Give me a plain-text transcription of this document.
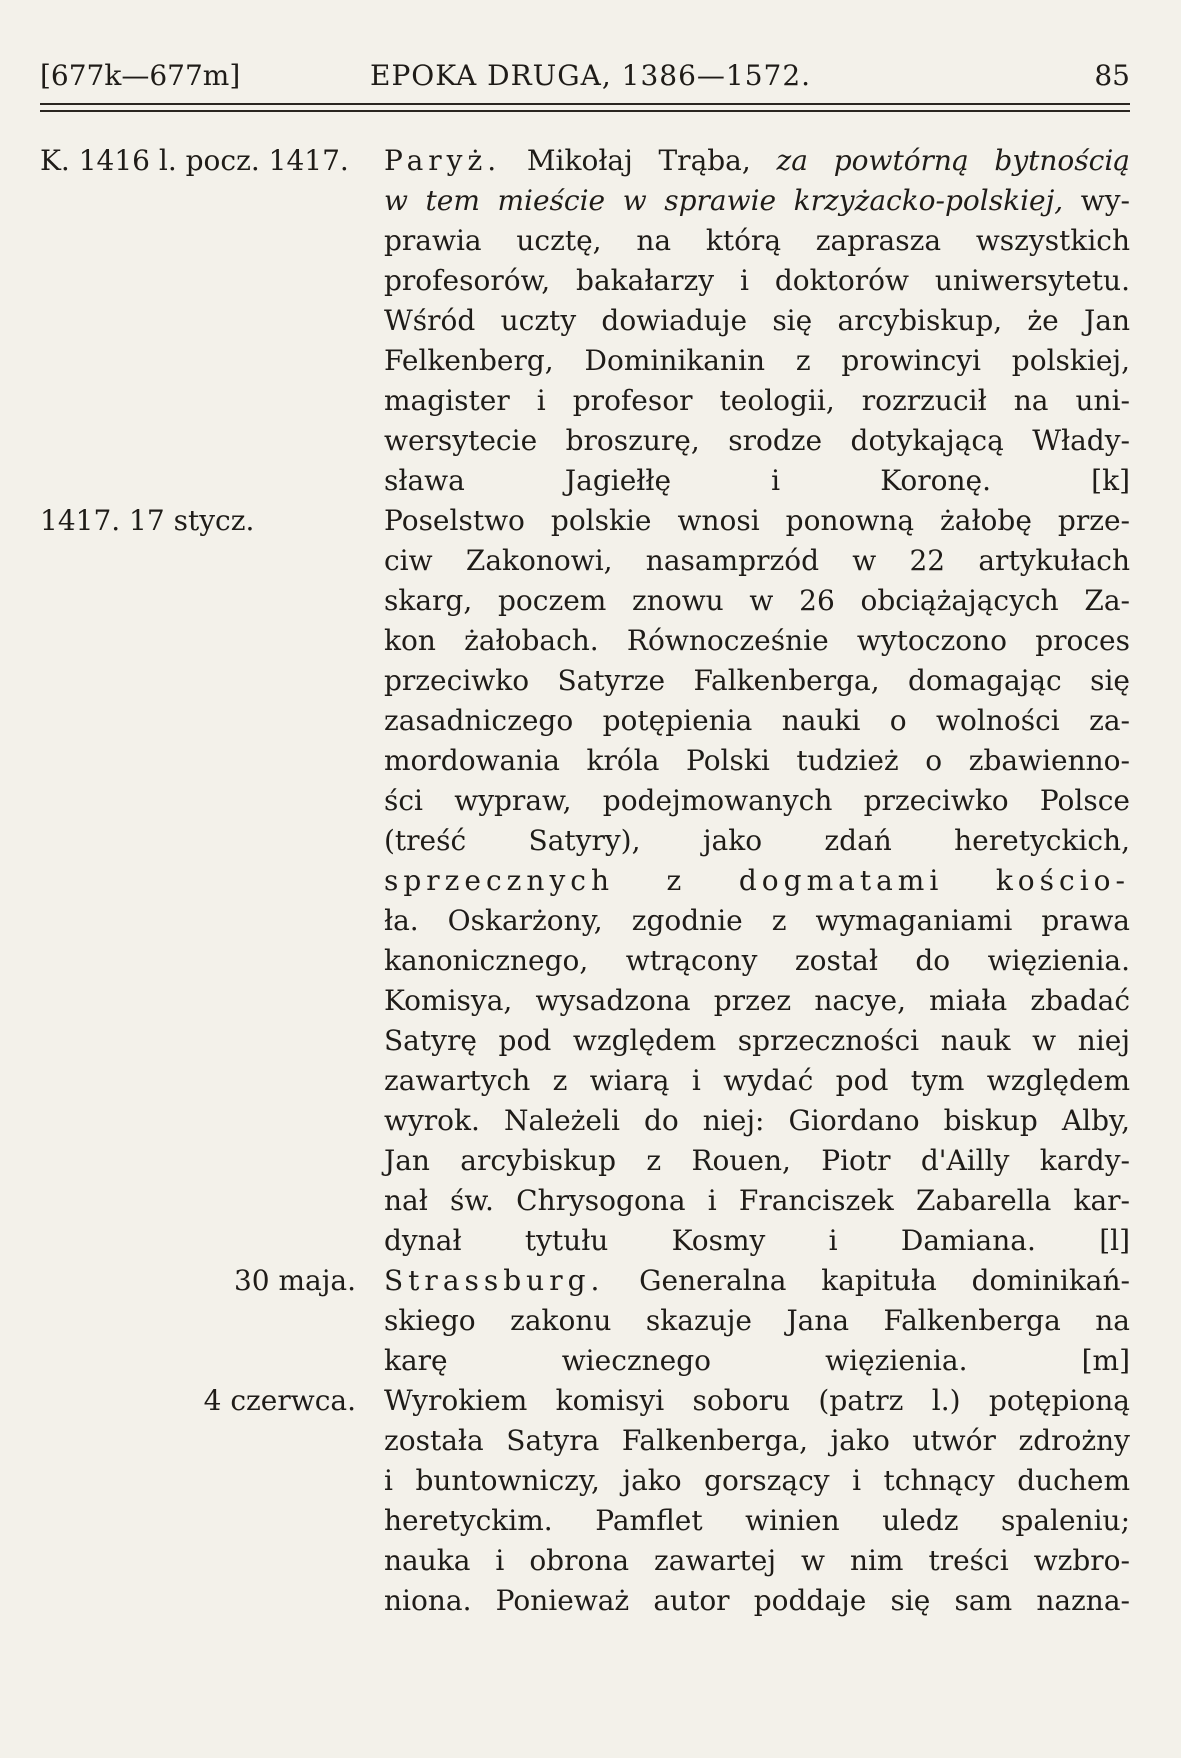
[677k—677m]	EPOKA DRUGA, 1386—1572.	85
K. 1416 l. pocz. 1417. Paryż. Mikołaj Trąba, za powtórną bytnością
w tem mieście w sprawie krzyżacko-polskiej, wy-
prawia ucztę, na którą zaprasza wszystkich
profesorów, bakałarzy i doktorów uniwersytetu.
Wśród uczty dowiaduje się arcybiskup, że Jan
Felkenberg, Dominikanin z prowincyi polskiej,
magister i profesor teologii, rozrzucił na uni-
wersytecie broszurę, srodze dotykającą Włady-
sława Jagiełłę i Koronę.	[k]
1417. 17 stycz.	Poselstwo polskie wnosi ponowną żałobę prze-
ciw Zakonowi, nasamprzód w 22 artykułach
skarg, poczem znowu w 26 obciążających Za-
kon żałobach. Równocześnie wytoczono proces
przeciwko Satyrze Falkenberga, domagając się
zasadniczego potępienia nauki o wolności za-
mordowania króla Polski tudzież o zbawienno-
ści wypraw, podejmowanych przeciwko Polsce
(treść Satyry), jako zdań heretyckich,
sprzecznych z dogmatami kościo-
ła. Oskarżony, zgodnie z wymaganiami prawa
kanonicznego, wtrącony został do więzienia.
Komisya, wysadzona przez nacye, miała zbadać
Satyrę pod względem sprzeczności nauk w niej
zawartych z wiarą i wydać pod tym względem
wyrok. Należeli do niej: Giordano biskup Alby,
Jan arcybiskup z Rouen, Piotr d'Ailly kardy-
nał św. Chrysogona i Franciszek Zabarella kar-
dynał tytułu Kosmy i Damiana. [l]
30 maja. Strassburg. Generalna kapituła dominikań-
skiego zakonu skazuje Jana Falkenberga na
karę wiecznego więzienia.	[m]
4 czerwca. Wyrokiem komisyi soboru (patrz l.) potępioną
została Satyra Falkenberga, jako utwór zdrożny
i buntowniczy, jako gorszący i tchnący duchem
heretyckim. Pamflet winien uledz spaleniu;
nauka i obrona zawartej w nim treści wzbro-
niona. Ponieważ autor poddaje się sam nazna-
